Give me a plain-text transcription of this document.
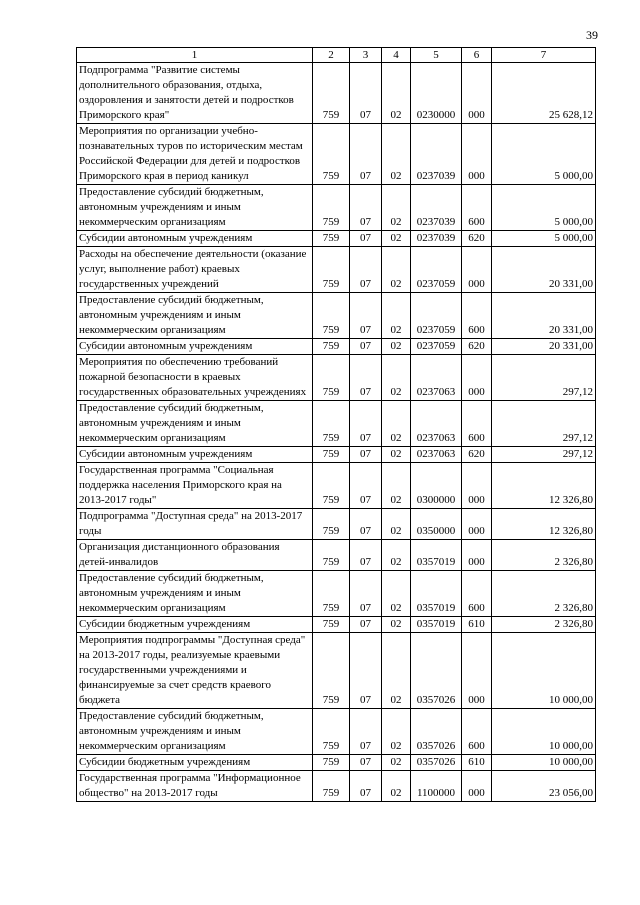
39
1	2	3	4	5	6	7
Подпрограмма "Развитие системы дополнительного образования, отдыха, оздоровления и занятости детей и подростков Приморского края"	759	07	02	0230000	000	25 628,12
Мероприятия по организации учебно-познавательных туров по историческим местам Российской Федерации для детей и подростков Приморского края в период каникул	759	07	02	0237039	000	5 000,00
Предоставление субсидий бюджетным, автономным учреждениям и иным некоммерческим организациям	759	07	02	0237039	600	5 000,00
Субсидии автономным учреждениям	759	07	02	0237039	620	5 000,00
Расходы на обеспечение деятельности (оказание услуг, выполнение работ) краевых государственных учреждений	759	07	02	0237059	000	20 331,00
Предоставление субсидий бюджетным, автономным учреждениям и иным некоммерческим организациям	759	07	02	0237059	600	20 331,00
Субсидии автономным учреждениям	759	07	02	0237059	620	20 331,00
Мероприятия по обеспечению требований пожарной безопасности в краевых государственных образовательных учреждениях	759	07	02	0237063	000	297,12
Предоставление субсидий бюджетным, автономным учреждениям и иным некоммерческим организациям	759	07	02	0237063	600	297,12
Субсидии автономным учреждениям	759	07	02	0237063	620	297,12
Государственная программа "Социальная поддержка населения Приморского края на 2013-2017 годы"	759	07	02	0300000	000	12 326,80
Подпрограмма "Доступная среда" на 2013-2017 годы	759	07	02	0350000	000	12 326,80
Организация дистанционного образования детей-инвалидов	759	07	02	0357019	000	2 326,80
Предоставление субсидий бюджетным, автономным учреждениям и иным некоммерческим организациям	759	07	02	0357019	600	2 326,80
Субсидии бюджетным учреждениям	759	07	02	0357019	610	2 326,80
Мероприятия подпрограммы "Доступная среда" на 2013-2017 годы, реализуемые краевыми государственными учреждениями и финансируемые за счет средств краевого бюджета	759	07	02	0357026	000	10 000,00
Предоставление субсидий бюджетным, автономным учреждениям и иным некоммерческим организациям	759	07	02	0357026	600	10 000,00
Субсидии бюджетным учреждениям	759	07	02	0357026	610	10 000,00
Государственная программа "Информационное общество" на 2013-2017 годы	759	07	02	1100000	000	23 056,00
